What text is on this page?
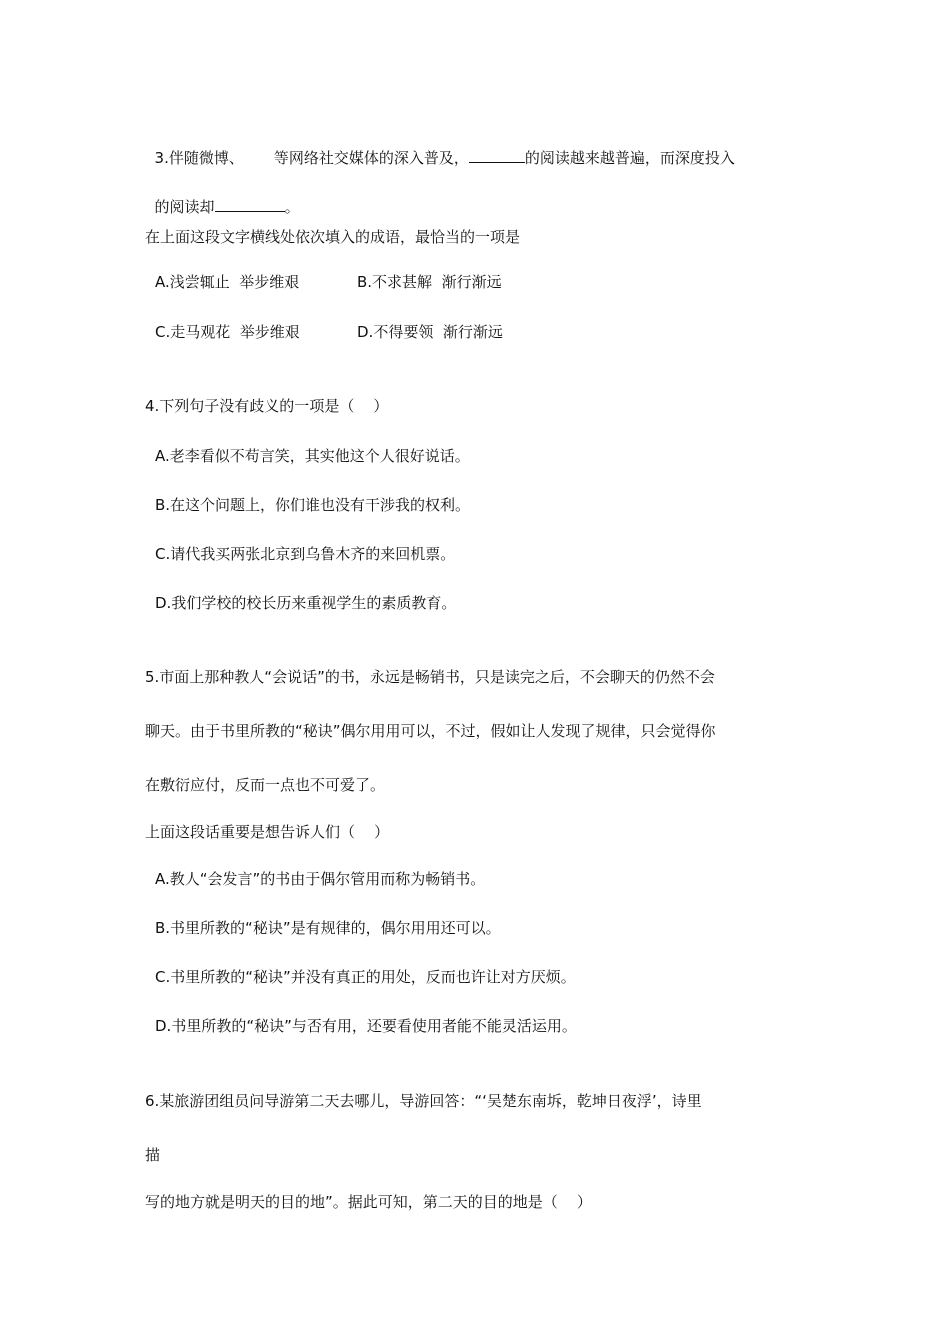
3.伴随微博、 等网络社交媒体的深入普及，	的阅读越来越普遍，而深度投入

的阅读却	。

在上面这段文字横线处依次填入的成语，最恰当的一项是
A.浅尝辄止  举步维艰	B.不求甚解  渐行渐远
C.走马观花  举步维艰	D.不得要领  渐行渐远
4.下列句子没有歧义的一项是（    ）
A.老李看似不苟言笑，其实他这个人很好说话。
B.在这个问题上，你们谁也没有干涉我的权利。
C.请代我买两张北京到乌鲁木齐的来回机票。
D.我们学校的校长历来重视学生的素质教育。
5.市面上那种教人“会说话”的书，永远是畅销书，只是读完之后，不会聊天的仍然不会
聊天。由于书里所教的“秘诀”偶尔用用可以，不过，假如让人发现了规律，只会觉得你
在敷衍应付，反而一点也不可爱了。
上面这段话重要是想告诉人们（    ）
A.教人“会发言”的书由于偶尔管用而称为畅销书。
B.书里所教的“秘诀”是有规律的，偶尔用用还可以。
C.书里所教的“秘诀”并没有真正的用处，反而也许让对方厌烦。
D.书里所教的“秘诀”与否有用，还要看使用者能不能灵活运用。
6.某旅游团组员问导游第二天去哪儿，导游回答：“‘吴楚东南坼，乾坤日夜浮’，诗里
描
写的地方就是明天的目的地”。据此可知，第二天的目的地是（    ）
